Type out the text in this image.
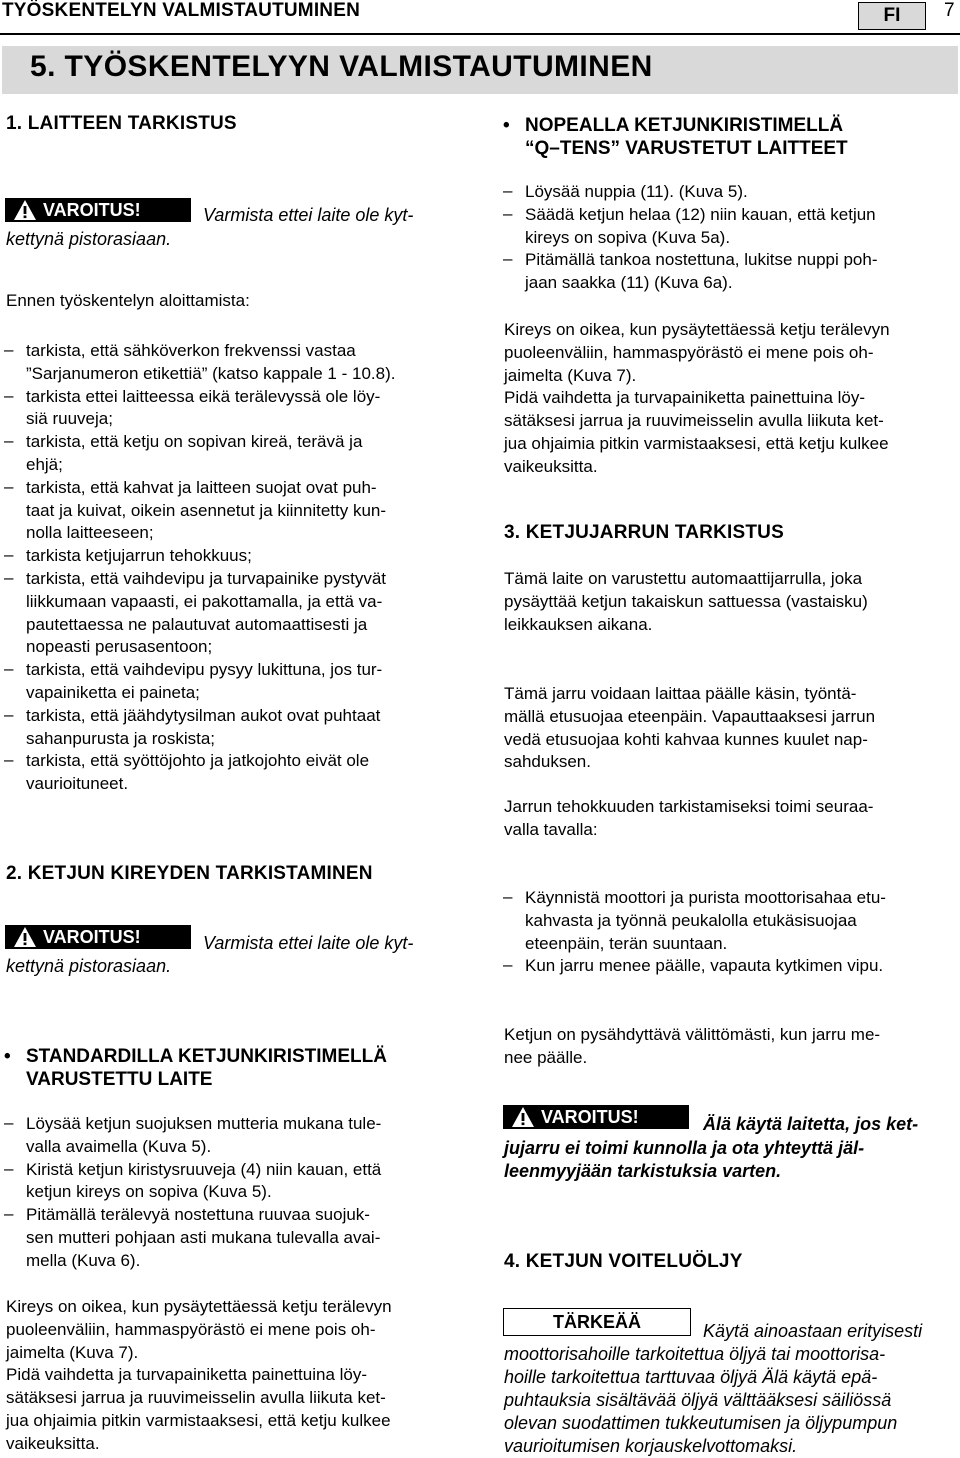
TYÖSKENTELYN VALMISTAUTUMINEN	FI	7
5. TYÖSKENTELYYN VALMISTAUTUMINEN
1. LAITTEEN TARKISTUS
VAROITUS!	Varmista ettei laite ole kyt-
kettynä pistorasiaan.
Ennen työskentelyn aloittamista:
– tarkista, että sähköverkon frekvenssi vastaa
”Sarjanumeron etikettiä” (katso kappale 1 - 10.8).
– tarkista ettei laitteessa eikä terälevyssä ole löy-
siä ruuveja;
– tarkista, että ketju on sopivan kireä, terävä ja
ehjä;
– tarkista, että kahvat ja laitteen suojat ovat puh-
taat ja kuivat, oikein asennetut ja kiinnitetty kun-
nolla laitteeseen;
– tarkista ketjujarrun tehokkuus;
– tarkista, että vaihdevipu ja turvapainike pystyvät
liikkumaan vapaasti, ei pakottamalla, ja että va-
pautettaessa ne palautuvat automaattisesti ja
nopeasti perusasentoon;
– tarkista, että vaihdevipu pysyy lukittuna, jos tur-
vapainiketta ei paineta;
– tarkista, että jäähdytysilman aukot ovat puhtaat
sahanpurusta ja roskista;
– tarkista, että syöttöjohto ja jatkojohto eivät ole
vaurioituneet.
2. KETJUN KIREYDEN TARKISTAMINEN
VAROITUS!	Varmista ettei laite ole kyt-
kettynä pistorasiaan.
• STANDARDILLA KETJUNKIRISTIMELLÄ
VARUSTETTU LAITE
– Löysää ketjun suojuksen mutteria mukana tule-
valla avaimella (Kuva 5).
– Kiristä ketjun kiristysruuveja (4) niin kauan, että
ketjun kireys on sopiva (Kuva 5).
– Pitämällä terälevyä nostettuna ruuvaa suojuk-
sen mutteri pohjaan asti mukana tulevalla avai-
mella (Kuva 6).
Kireys on oikea, kun pysäytettäessä ketju terälevyn
puoleenväliin, hammaspyörästö ei mene pois oh-
jaimelta (Kuva 7).
Pidä vaihdetta ja turvapainiketta painettuina löy-
sätäksesi jarrua ja ruuvimeisselin avulla liikuta ket-
jua ohjaimia pitkin varmistaaksesi, että ketju kulkee
vaikeuksitta.
• NOPEALLA KETJUNKIRISTIMELLÄ
“Q–TENS” VARUSTETUT LAITTEET
– Löysää nuppia (11). (Kuva 5).
– Säädä ketjun helaa (12) niin kauan, että ketjun
kireys on sopiva (Kuva 5a).
– Pitämällä tankoa nostettuna, lukitse nuppi poh-
jaan saakka (11) (Kuva 6a).
Kireys on oikea, kun pysäytettäessä ketju terälevyn
puoleenväliin, hammaspyörästö ei mene pois oh-
jaimelta (Kuva 7).
Pidä vaihdetta ja turvapainiketta painettuina löy-
sätäksesi jarrua ja ruuvimeisselin avulla liikuta ket-
jua ohjaimia pitkin varmistaaksesi, että ketju kulkee
vaikeuksitta.
3. KETJUJARRUN TARKISTUS
Tämä laite on varustettu automaattijarrulla, joka
pysäyttää ketjun takaiskun sattuessa (vastaisku)
leikkauksen aikana.
Tämä jarru voidaan laittaa päälle käsin, työntä-
mällä etusuojaa eteenpäin. Vapauttaaksesi jarrun
vedä etusuojaa kohti kahvaa kunnes kuulet nap-
sahduksen.
Jarrun tehokkuuden tarkistamiseksi toimi seuraa-
valla tavalla:
– Käynnistä moottori ja purista moottorisahaa etu-
kahvasta ja työnnä peukalolla etukäsisuojaa
eteenpäin, terän suuntaan.
– Kun jarru menee päälle, vapauta kytkimen vipu.
Ketjun on pysähdyttävä välittömästi, kun jarru me-
nee päälle.
VAROITUS!	Älä käytä laitetta, jos ket-
jujarru ei toimi kunnolla ja ota yhteyttä jäl-
leenmyyjään tarkistuksia varten.
4. KETJUN VOITELUÖLJY
TÄRKEÄÄ	Käytä ainoastaan erityisesti
moottorisahoille tarkoitettua öljyä tai moottorisa-
hoille tarkoitettua tarttuvaa öljyä Älä käytä epä-
puhtauksia sisältävää öljyä välttääksesi säiliössä
olevan suodattimen tukkeutumisen ja öljypumpun
vaurioitumisen korjauskelvottomaksi.
